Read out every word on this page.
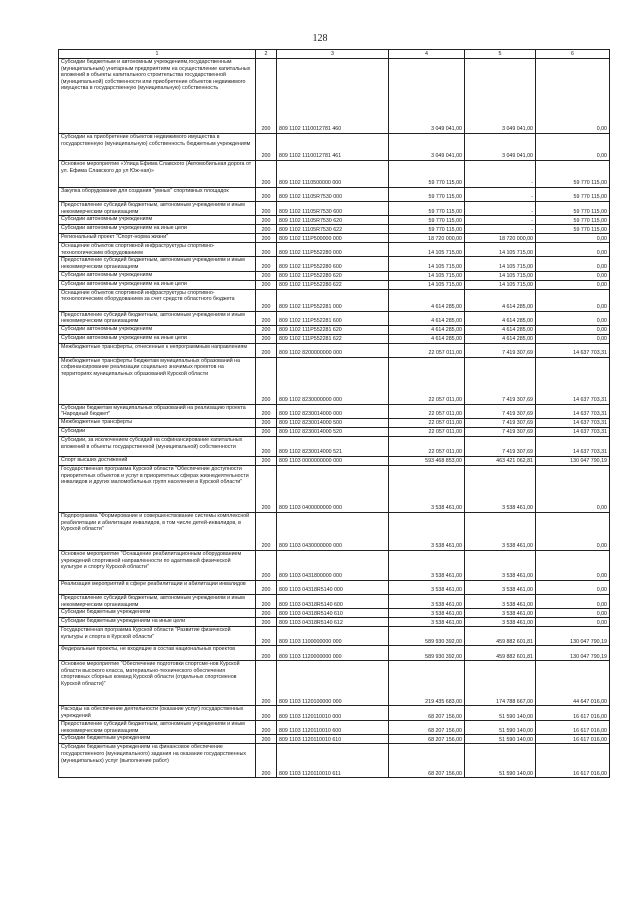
128
1	2	3	4	5	6
Субсидии бюджетным и автономным учреждениям,государственным (муниципальным) унитарным предприятиям на осуществление капитальных вложений в объекты капитального строительства государственной (муниципальной) собственности или приобретение объектов недвижимого имущества в государственную (муниципальную) собственность	200	809 1102 1110012781 460	3 049 041,00	3 049 041,00	0,00
Субсидии на приобретение объектов недвижимого имущества в государственную (муниципальную) собственность бюджетным учреждениям	200	809 1102 1110012781 461	3 049 041,00	3 049 041,00	0,00
Основное мероприятие «Улица Ефима Славского (Автомобильная дорога от ул. Ефима Славского до ул Юж-ная)»	200	809 1102 1110500000 000	59 770 115,00	-	59 770 115,00
Закупка оборудования для создания "умных" спортивных площадок	200	809 1102 11105R7530 000	59 770 115,00	-	59 770 115,00
Предоставление субсидий бюджетным, автономным учреждениям и иным некоммерческим организациям	200	809 1102 11105R7530 600	59 770 115,00	-	59 770 115,00
Субсидии автономным учреждениям	200	809 1102 11105R7530 620	59 770 115,00	-	59 770 115,00
Субсидии автономным учреждениям на иные цели	200	809 1102 11105R7530 622	59 770 115,00	-	59 770 115,00
Региональный проект "Спорт-норма жизни"	200	809 1102 111P500000 000	18 720 000,00	18 720 000,00	0,00
Оснащение объектов спортивной инфраструктуры спортивно-технологическим оборудованием	200	809 1102 111P552280 000	14 105 715,00	14 105 715,00	0,00
Предоставление субсидий бюджетным, автономным учреждениям и иным некоммерческим организациям	200	809 1102 111P552280 600	14 105 715,00	14 105 715,00	0,00
Субсидии автономным учреждениям	200	809 1102 111P552280 620	14 105 715,00	14 105 715,00	0,00
Субсидии автономным учреждениям на иные цели	200	809 1102 111P552280 622	14 105 715,00	14 105 715,00	0,00
Оснащение объектов спортивной инфраструктуры спортивно-технологическим оборудованием за счет средств областного бюджета	200	809 1102 111P552281 000	4 614 285,00	4 614 285,00	0,00
Предоставление субсидий бюджетным, автономным учреждениям и иным некоммерческим организациям	200	809 1102 111P552281 600	4 614 285,00	4 614 285,00	0,00
Субсидии автономным учреждениям	200	809 1102 111P552281 620	4 614 285,00	4 614 285,00	0,00
Субсидии автономным учреждениям на иные цели	200	809 1102 111P552281 622	4 614 285,00	4 614 285,00	0,00
Межбюджетные трансферты, отнесенные к непрограммным направлениям	200	809 1102 8200000000 000	22 057 011,00	7 419 307,69	14 637 703,31
Межбюджетные трансферты бюджетам муниципальных образований на софинансирование реализации социально значимых проектов на территориях муниципальных образований Курской области	200	809 1102 8230000000 000	22 057 011,00	7 419 307,69	14 637 703,31
Субсидии бюджетам муниципальных образований на реализацию проекта "Народный бюджет"	200	809 1102 8230014000 000	22 057 011,00	7 419 307,69	14 637 703,31
Межбюджетные трансферты	200	809 1102 8230014000 500	22 057 011,00	7 419 307,69	14 637 703,31
Субсидии	200	809 1102 8230014000 520	22 057 011,00	7 419 307,69	14 637 703,31
Субсидии, за исключением субсидий на софинансирование капитальных вложений в объекты государственной (муниципальной) собственности	200	809 1102 8230014000 521	22 057 011,00	7 419 307,69	14 637 703,31
Спорт высших достижений	200	809 1103 0000000000 000	593 468 853,00	463 421 062,81	130 047 790,19
Государственная программа Курской области "Обеспечение доступности приоритетных объектов и услуг в приоритетных сферах жизнедеятельности инвалидов и других маломобильных групп населения в Курской области"	200	809 1103 0400000000 000	3 538 461,00	3 538 461,00	0,00
Подпрограмма "Формирование и совершенствование системы комплексной реабилитации и абилитации инвалидов, в том числе детей-инвалидов, в Курской области"	200	809 1103 0430000000 000	3 538 461,00	3 538 461,00	0,00
Основное мероприятие "Оснащение реабилитационным оборудованием учреждений спортивной направленности по адаптивной физической культуре и спорту Курской области"	200	809 1103 0431800000 000	3 538 461,00	3 538 461,00	0,00
Реализация мероприятий в сфере реабилитации и абилитации инвалидов	200	809 1103 04318R5140 000	3 538 461,00	3 538 461,00	0,00
Предоставление субсидий бюджетным, автономным учреждениям и иным некоммерческим организациям	200	809 1103 04318R5140 600	3 538 461,00	3 538 461,00	0,00
Субсидии бюджетным учреждениям	200	809 1103 04318R5140 610	3 538 461,00	3 538 461,00	0,00
Субсидии бюджетным учреждениям на иные цели	200	809 1103 04318R5140 612	3 538 461,00	3 538 461,00	0,00
Государственная программа Курской области "Развитие физической культуры и спорта в Курской области"	200	809 1103 1100000000 000	589 930 392,00	459 882 601,81	130 047 790,19
Федеральные проекты, не входящие в состав национальных проектов	200	809 1103 1120000000 000	589 930 392,00	459 882 601,81	130 047 790,19
Основное мероприятие "Обеспечение подготовки спортсме-нов Курской области высокого класса, материально-технического обеспечения спортивных сборных команд Курской области (отдельных спортсменов Курской области)"	200	809 1103 1120100000 000	219 435 683,00	174 788 667,00	44 647 016,00
Расходы на обеспечение деятельности (оказание услуг) государственных учреждений	200	809 1103 1120110010 000	68 207 156,00	51 590 140,00	16 617 016,00
Предоставление субсидий бюджетным, автономным учреждениям и иным некоммерческим организациям	200	809 1103 1120110010 600	68 207 156,00	51 590 140,00	16 617 016,00
Субсидии бюджетным учреждениям	200	809 1103 1120110010 610	68 207 156,00	51 590 140,00	16 617 016,00
Субсидии бюджетным учреждениям на финансовое обеспечение государственного (муниципального) задания на оказание государственных (муниципальных) услуг (выполнение работ)	200	809 1103 1120110010 611	68 207 156,00	51 590 140,00	16 617 016,00
